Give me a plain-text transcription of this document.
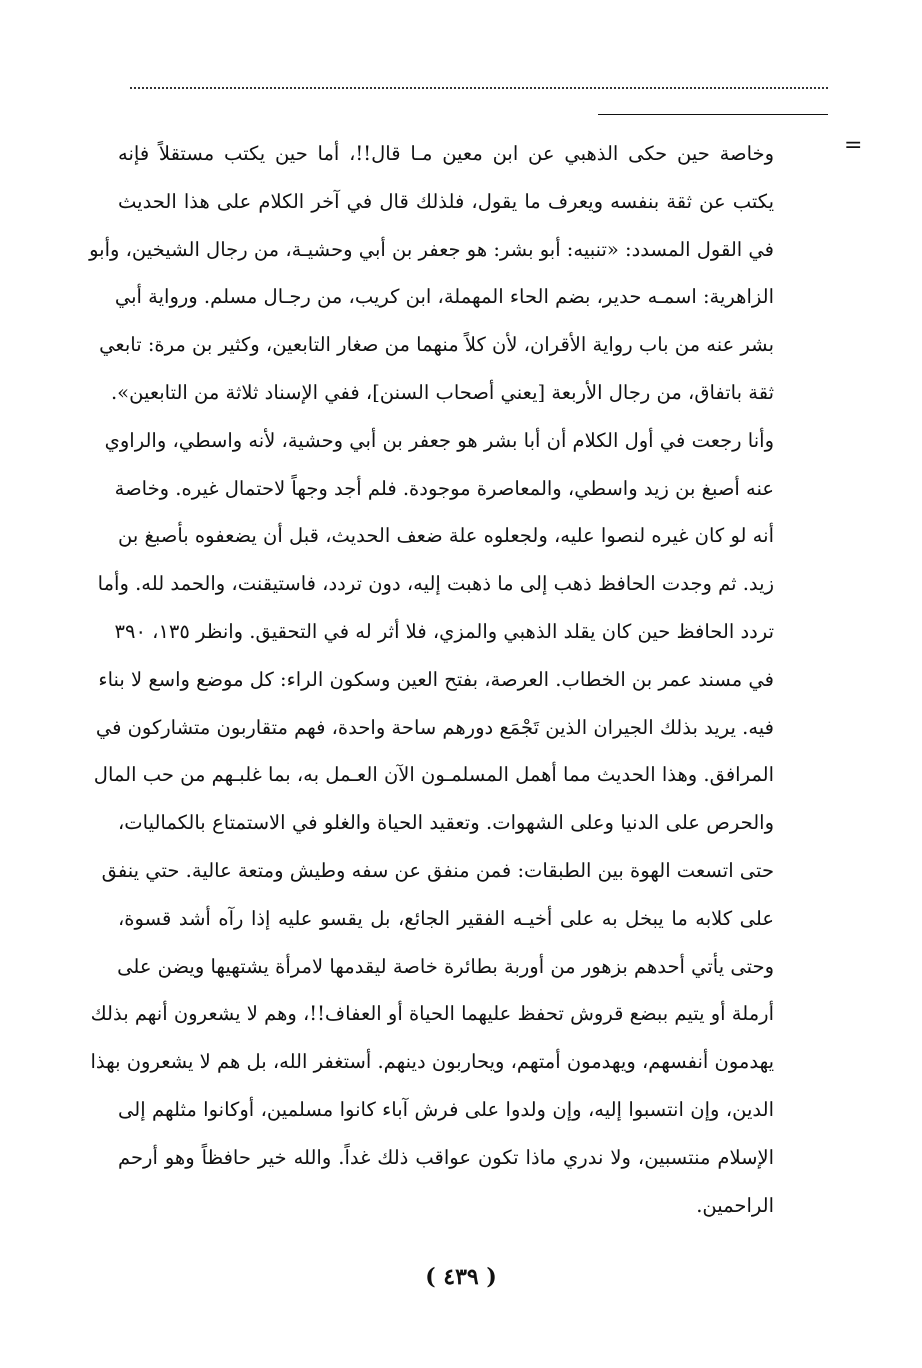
=
وخاصة حين حكى الذهبي عن ابن معين مـا قال!!، أما حين يكتب مستقلاً فإنه
يكتب عن ثقة بنفسه ويعرف ما يقول، فلذلك قال في آخر الكلام على هذا الحديث
في القول المسدد: «تنبيه: أبو بشر: هو جعفر بن أبي وحشيـة، من رجال الشيخين، وأبو
الزاهرية: اسمـه حدير، بضم الحاء المهملة، ابن كريب، من رجـال مسلم. ورواية أبي
بشر عنه من باب رواية الأقران، لأن كلاً منهما من صغار التابعين، وكثير بن مرة: تابعي
ثقة باتفاق، من رجال الأربعة [يعني أصحاب السنن]، ففي الإسناد ثلاثة من التابعين».
وأنا رجعت في أول الكلام أن أبا بشر هو جعفر بن أبي وحشية، لأنه واسطي، والراوي
عنه أصبغ بن زيد واسطي، والمعاصرة موجودة. فلم أجد وجهاً لاحتمال غيره. وخاصة
أنه لو كان غيره لنصوا عليه، ولجعلوه علة ضعف الحديث، قبل أن يضعفوه بأصبغ بن
زيد. ثم وجدت الحافظ ذهب إلى ما ذهبت إليه، دون تردد، فاستيقنت، والحمد لله. وأما
تردد الحافظ حين كان يقلد الذهبي والمزي، فلا أثر له في التحقيق. وانظر ١٣٥، ٣٩٠
في مسند عمر بن الخطاب. العرصة، بفتح العين وسكون الراء: كل موضع واسع لا بناء
فيه. يريد بذلك الجيران الذين تَجْمَع دورهم ساحة واحدة، فهم متقاربون متشاركون في
المرافق. وهذا الحديث مما أهمل المسلمـون الآن العـمل به، بما غلبـهم من حب المال
والحرص على الدنيا وعلى الشهوات. وتعقيد الحياة والغلو في الاستمتاع بالكماليات،
حتى اتسعت الهوة بين الطبقات: فمن منفق عن سفه وطيش ومتعة عالية. حتي ينفق
على كلابه ما يبخل به على أخيـه الفقير الجائع، بل يقسو عليه إذا رآه أشد قسوة،
وحتى يأتي أحدهم بزهور من أوربة بطائرة خاصة ليقدمها لامرأة يشتهيها ويضن على
أرملة أو يتيم ببضع قروش تحفظ عليهما الحياة أو العفاف!!، وهم لا يشعرون أنهم بذلك
يهدمون أنفسهم، ويهدمون أمتهم، ويحاربون دينهم. أستغفر الله، بل هم لا يشعرون بهذا
الدين، وإن انتسبوا إليه، وإن ولدوا على فرش آباء كانوا مسلمين، أوكانوا مثلهم إلى
الإسلام منتسبين، ولا ندري ماذا تكون عواقب ذلك غداً. والله خير حافظاً وهو أرحم
الراحمين.
( ٤٣٩ )
